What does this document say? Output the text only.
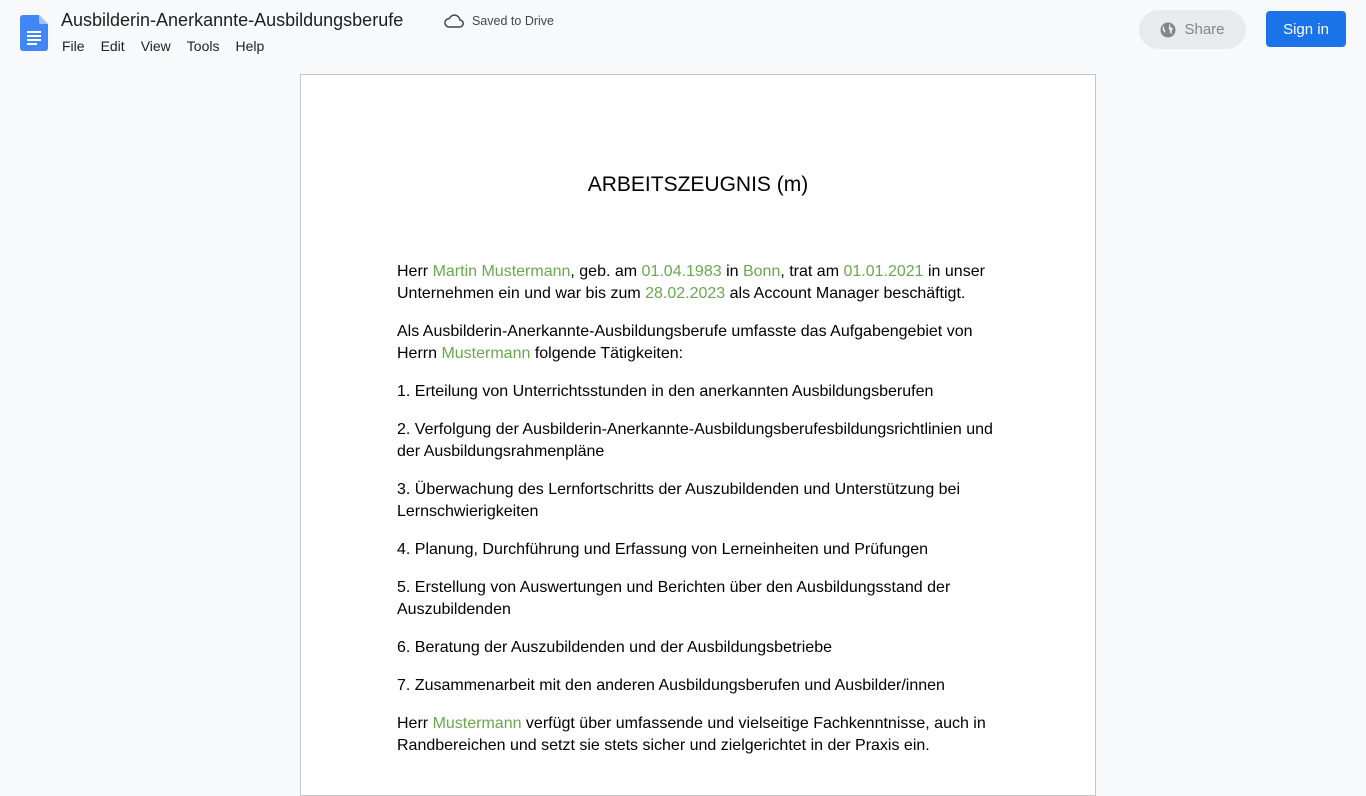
Ausbilderin-Anerkannte-Ausbildungsberufe	Saved to Drive
File	Edit	View	Tools	Help
Share	Sign in
ARBEITSZEUGNIS (m)

Herr Martin Mustermann, geb. am 01.04.1983 in Bonn, trat am 01.01.2021 in unser Unternehmen ein und war bis zum 28.02.2023 als Account Manager beschäftigt.

Als Ausbilderin-Anerkannte-Ausbildungsberufe umfasste das Aufgabengebiet von Herrn Mustermann folgende Tätigkeiten:

1. Erteilung von Unterrichtsstunden in den anerkannten Ausbildungsberufen

2. Verfolgung der Ausbilderin-Anerkannte-Ausbildungsberufesbildungsrichtlinien und der Ausbildungsrahmenpläne

3. Überwachung des Lernfortschritts der Auszubildenden und Unterstützung bei Lernschwierigkeiten

4. Planung, Durchführung und Erfassung von Lerneinheiten und Prüfungen

5. Erstellung von Auswertungen und Berichten über den Ausbildungsstand der Auszubildenden

6. Beratung der Auszubildenden und der Ausbildungsbetriebe

7. Zusammenarbeit mit den anderen Ausbildungsberufen und Ausbilder/innen

Herr Mustermann verfügt über umfassende und vielseitige Fachkenntnisse, auch in Randbereichen und setzt sie stets sicher und zielgerichtet in der Praxis ein.
